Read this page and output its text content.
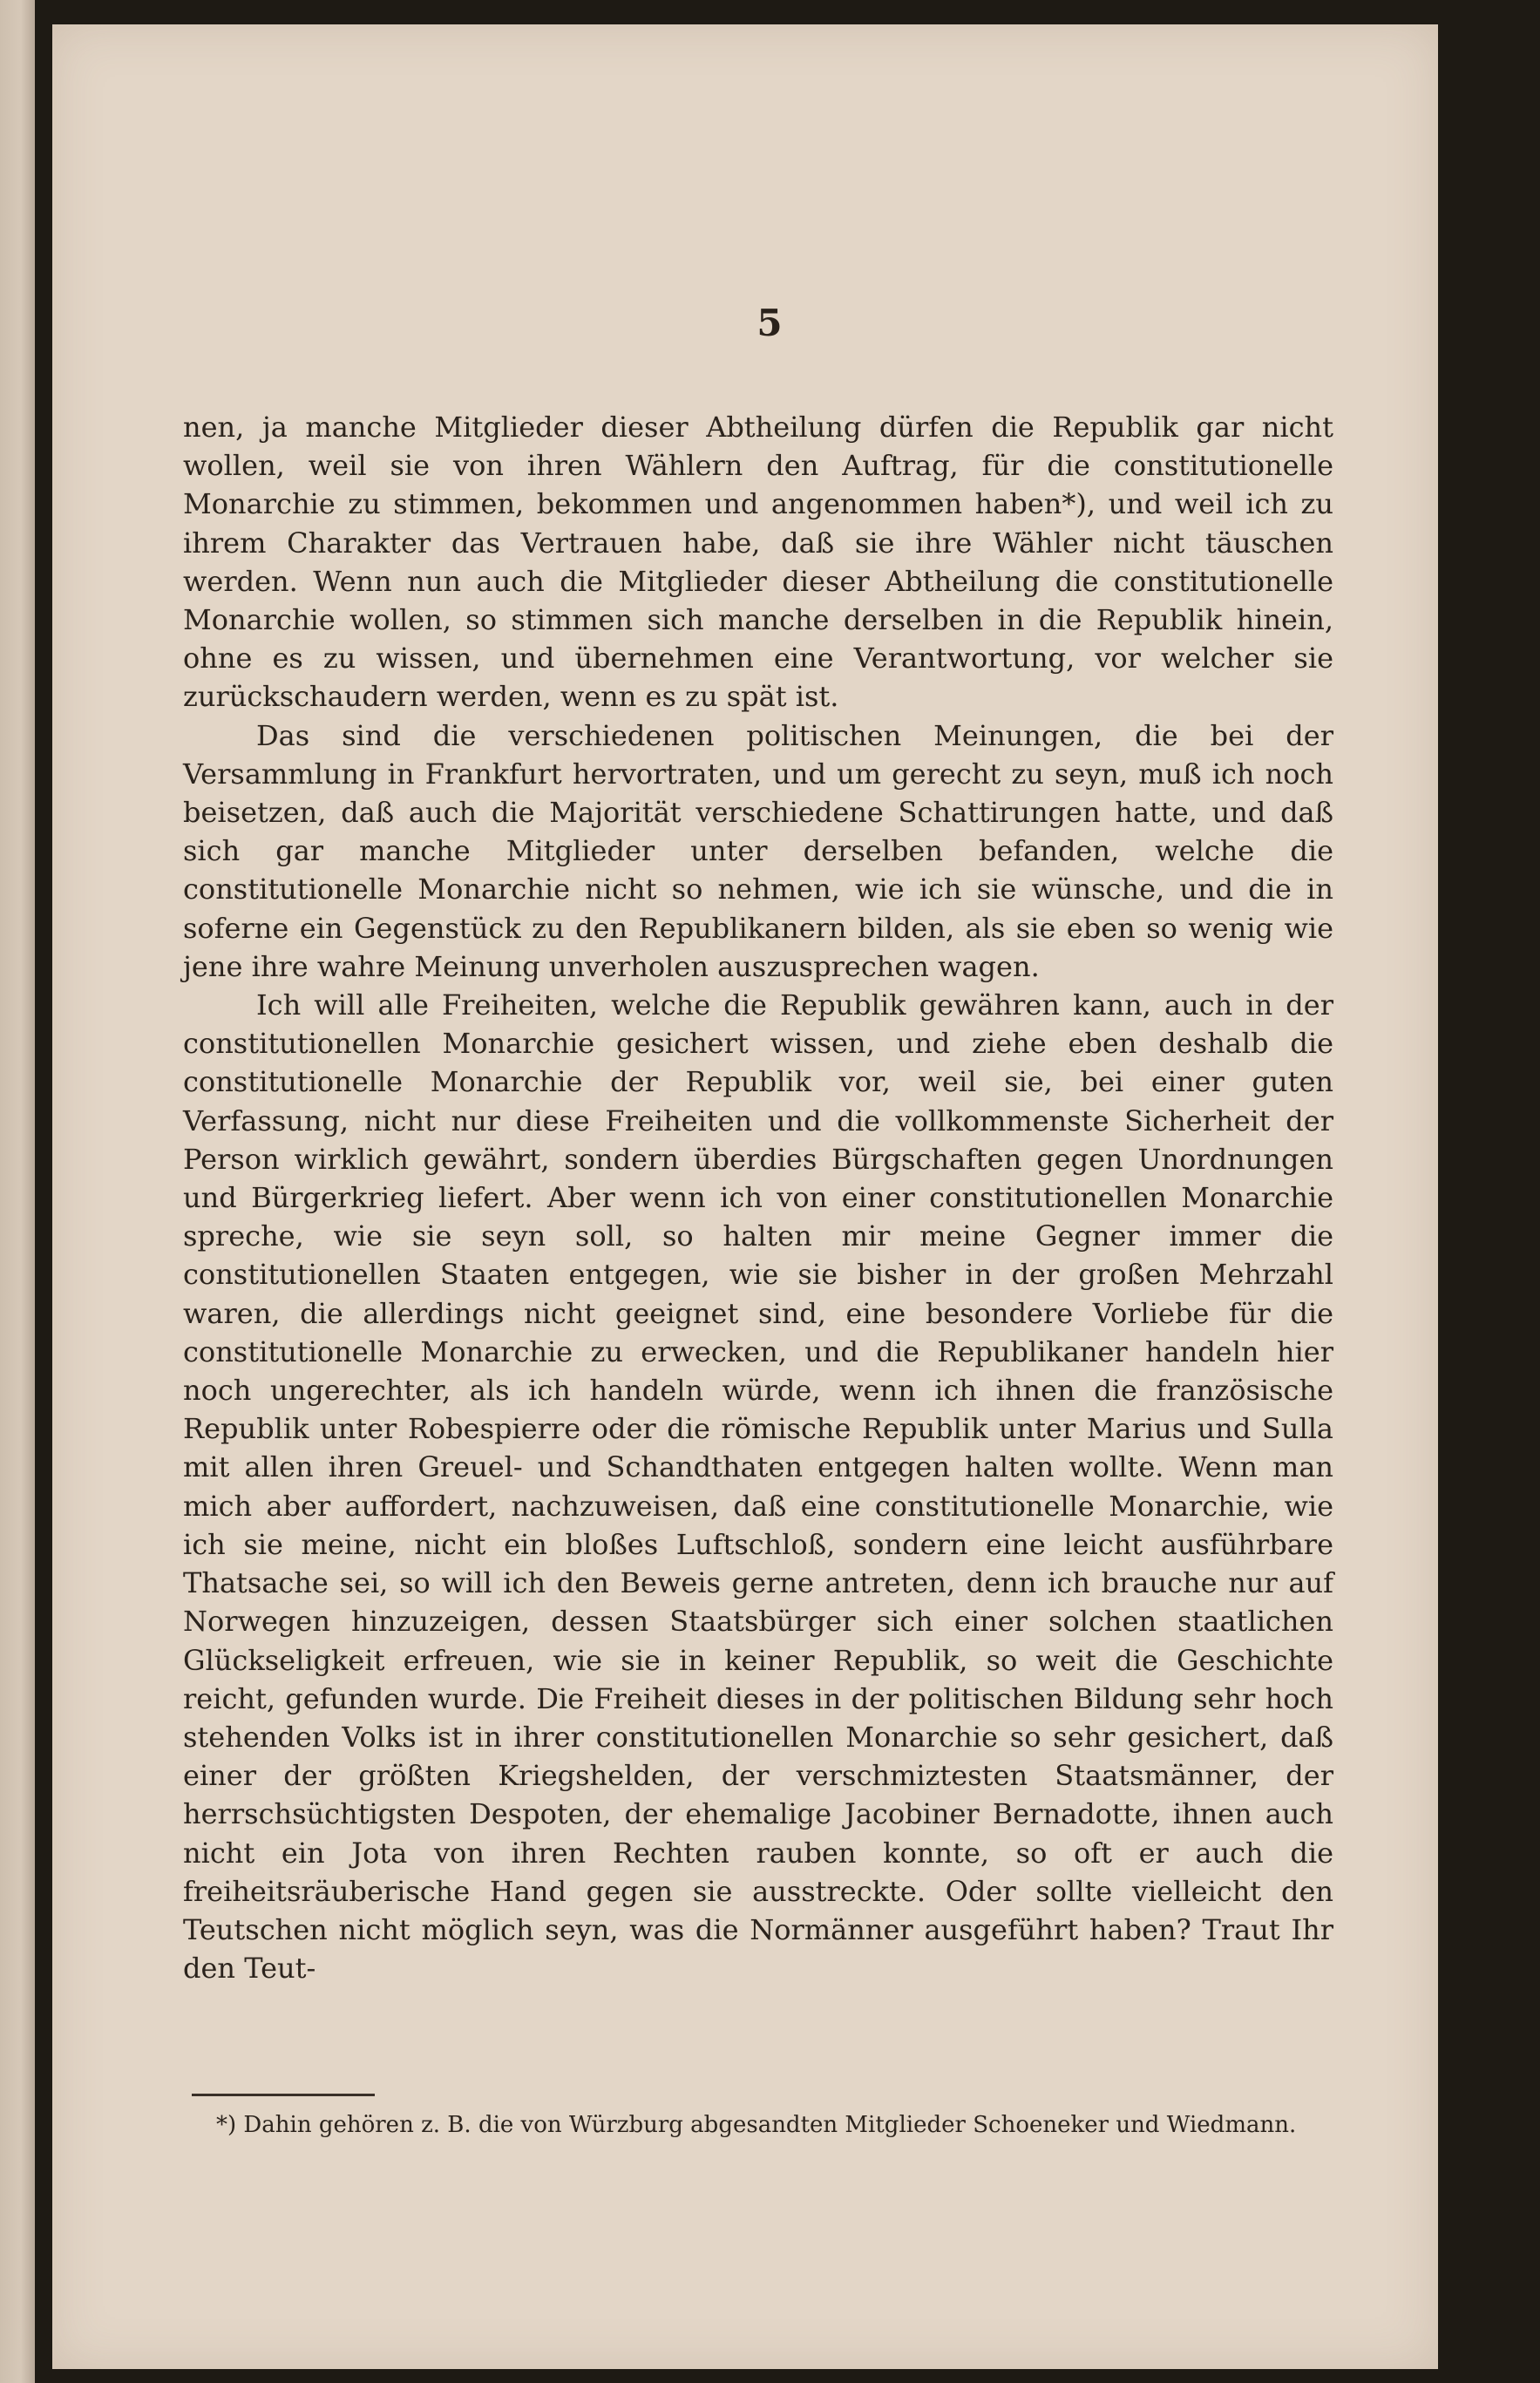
5

nen, ja manche Mitglieder dieser Abtheilung dürfen die Republik gar nicht wollen, weil sie von ihren Wählern den Auftrag, für die constitutionelle Monarchie zu stimmen, bekommen und angenommen haben*), und weil ich zu ihrem Charakter das Vertrauen habe, daß sie ihre Wähler nicht täuschen werden. Wenn nun auch die Mitglieder dieser Abtheilung die constitutionelle Monarchie wollen, so stimmen sich manche derselben in die Republik hinein, ohne es zu wissen, und übernehmen eine Verantwortung, vor welcher sie zurückschaudern werden, wenn es zu spät ist.

Das sind die verschiedenen politischen Meinungen, die bei der Versammlung in Frankfurt hervortraten, und um gerecht zu seyn, muß ich noch beisetzen, daß auch die Majorität verschiedene Schattirungen hatte, und daß sich gar manche Mitglieder unter derselben befanden, welche die constitutionelle Monarchie nicht so nehmen, wie ich sie wünsche, und die in soferne ein Gegenstück zu den Republikanern bilden, als sie eben so wenig wie jene ihre wahre Meinung unverholen auszusprechen wagen.

Ich will alle Freiheiten, welche die Republik gewähren kann, auch in der constitutionellen Monarchie gesichert wissen, und ziehe eben deshalb die constitutionelle Monarchie der Republik vor, weil sie, bei einer guten Verfassung, nicht nur diese Freiheiten und die vollkommenste Sicherheit der Person wirklich gewährt, sondern überdies Bürgschaften gegen Unordnungen und Bürgerkrieg liefert. Aber wenn ich von einer constitutionellen Monarchie spreche, wie sie seyn soll, so halten mir meine Gegner immer die constitutionellen Staaten entgegen, wie sie bisher in der großen Mehrzahl waren, die allerdings nicht geeignet sind, eine besondere Vorliebe für die constitutionelle Monarchie zu erwecken, und die Republikaner handeln hier noch ungerechter, als ich handeln würde, wenn ich ihnen die französische Republik unter Robespierre oder die römische Republik unter Marius und Sulla mit allen ihren Greuel- und Schandthaten entgegen halten wollte. Wenn man mich aber auffordert, nachzuweisen, daß eine constitutionelle Monarchie, wie ich sie meine, nicht ein bloßes Luftschloß, sondern eine leicht ausführbare Thatsache sei, so will ich den Beweis gerne antreten, denn ich brauche nur auf Norwegen hinzuzeigen, dessen Staatsbürger sich einer solchen staatlichen Glückseligkeit erfreuen, wie sie in keiner Republik, so weit die Geschichte reicht, gefunden wurde. Die Freiheit dieses in der politischen Bildung sehr hoch stehenden Volks ist in ihrer constitutionellen Monarchie so sehr gesichert, daß einer der größten Kriegshelden, der verschmiztesten Staatsmänner, der herrschsüchtigsten Despoten, der ehemalige Jacobiner Bernadotte, ihnen auch nicht ein Jota von ihren Rechten rauben konnte, so oft er auch die freiheitsräuberische Hand gegen sie ausstreckte. Oder sollte vielleicht den Teutschen nicht möglich seyn, was die Normänner ausgeführt haben? Traut Ihr den Teut-

*) Dahin gehören z. B. die von Würzburg abgesandten Mitglieder Schoeneker und Wiedmann.
